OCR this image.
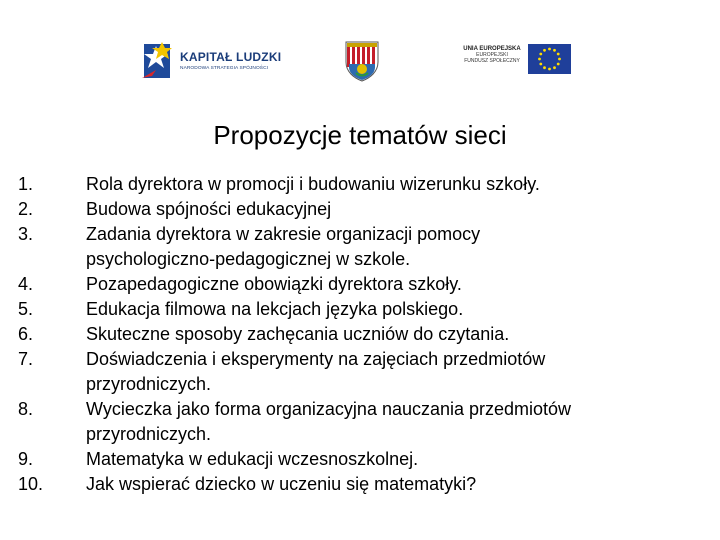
KAPITAŁ LUDZKI
NARODOWA STRATEGIA SPÓJNOŚCI
UNIA EUROPEJSKA
EUROPEJSKI
FUNDUSZ SPOŁECZNY
Propozycje tematów sieci
1.	Rola dyrektora w promocji i budowaniu wizerunku szkoły.
2.	Budowa spójności edukacyjnej
3.	Zadania dyrektora w zakresie organizacji pomocy
psychologiczno-pedagogicznej w szkole.
4.	Pozapedagogiczne obowiązki dyrektora szkoły.
5.	Edukacja filmowa na lekcjach języka polskiego.
6.	Skuteczne sposoby zachęcania uczniów do czytania.
7.	Doświadczenia i eksperymenty na zajęciach przedmiotów
przyrodniczych.
8.	Wycieczka jako forma organizacyjna nauczania przedmiotów
przyrodniczych.
9.	Matematyka w edukacji wczesnoszkolnej.
10.	Jak wspierać dziecko w uczeniu się matematyki?
